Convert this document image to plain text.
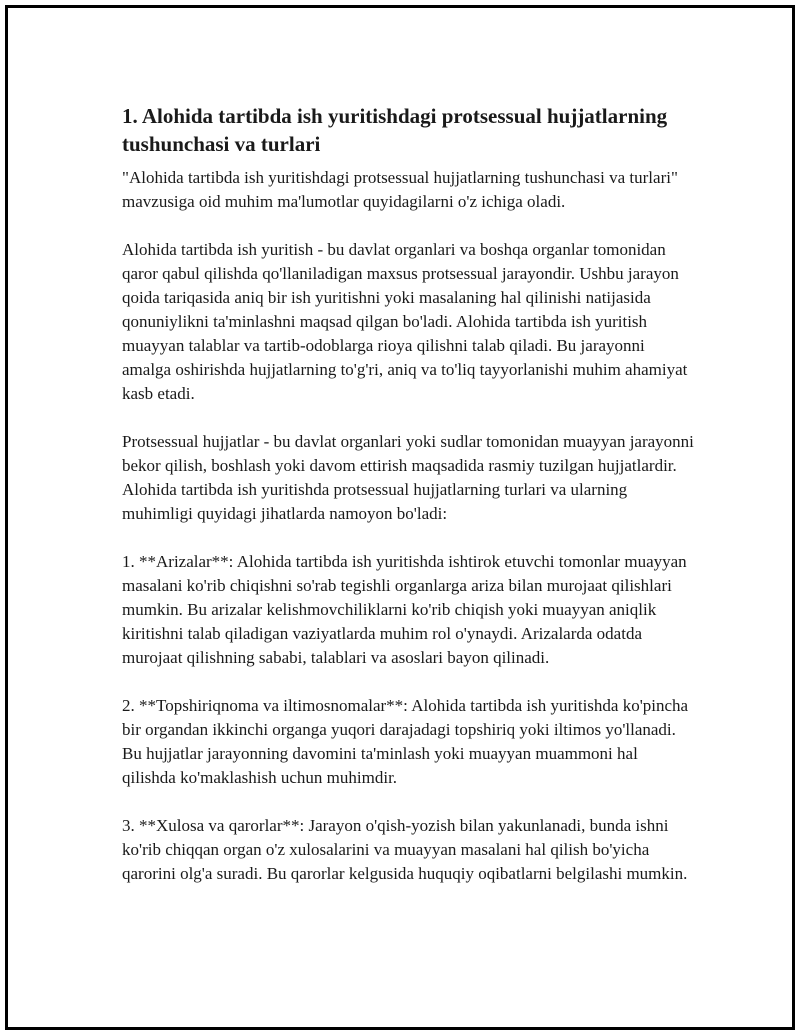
1. Alohida tartibda ish yuritishdagi protsessual hujjatlarning tushunchasi va turlari

"Alohida tartibda ish yuritishdagi protsessual hujjatlarning tushunchasi va turlari" mavzusiga oid muhim ma'lumotlar quyidagilarni o'z ichiga oladi.

Alohida tartibda ish yuritish - bu davlat organlari va boshqa organlar tomonidan qaror qabul qilishda qo'llaniladigan maxsus protsessual jarayondir. Ushbu jarayon qoida tariqasida aniq bir ish yuritishni yoki masalaning hal qilinishi natijasida qonuniylikni ta'minlashni maqsad qilgan bo'ladi. Alohida tartibda ish yuritish muayyan talablar va tartib-odoblarga rioya qilishni talab qiladi. Bu jarayonni amalga oshirishda hujjatlarning to'g'ri, aniq va to'liq tayyorlanishi muhim ahamiyat kasb etadi.

Protsessual hujjatlar - bu davlat organlari yoki sudlar tomonidan muayyan jarayonni bekor qilish, boshlash yoki davom ettirish maqsadida rasmiy tuzilgan hujjatlardir. Alohida tartibda ish yuritishda protsessual hujjatlarning turlari va ularning muhimligi quyidagi jihatlarda namoyon bo'ladi:

1. **Arizalar**: Alohida tartibda ish yuritishda ishtirok etuvchi tomonlar muayyan masalani ko'rib chiqishni so'rab tegishli organlarga ariza bilan murojaat qilishlari mumkin. Bu arizalar kelishmovchiliklarni ko'rib chiqish yoki muayyan aniqlik kiritishni talab qiladigan vaziyatlarda muhim rol o'ynaydi. Arizalarda odatda murojaat qilishning sababi, talablari va asoslari bayon qilinadi.

2. **Topshiriqnoma va iltimosnomalar**: Alohida tartibda ish yuritishda ko'pincha bir organdan ikkinchi organga yuqori darajadagi topshiriq yoki iltimos yo'llanadi. Bu hujjatlar jarayonning davomini ta'minlash yoki muayyan muammoni hal qilishda ko'maklashish uchun muhimdir.

3. **Xulosa va qarorlar**: Jarayon o'qish-yozish bilan yakunlanadi, bunda ishni ko'rib chiqqan organ o'z xulosalarini va muayyan masalani hal qilish bo'yicha qarorini olg'a suradi. Bu qarorlar kelgusida huquqiy oqibatlarni belgilashi mumkin.
